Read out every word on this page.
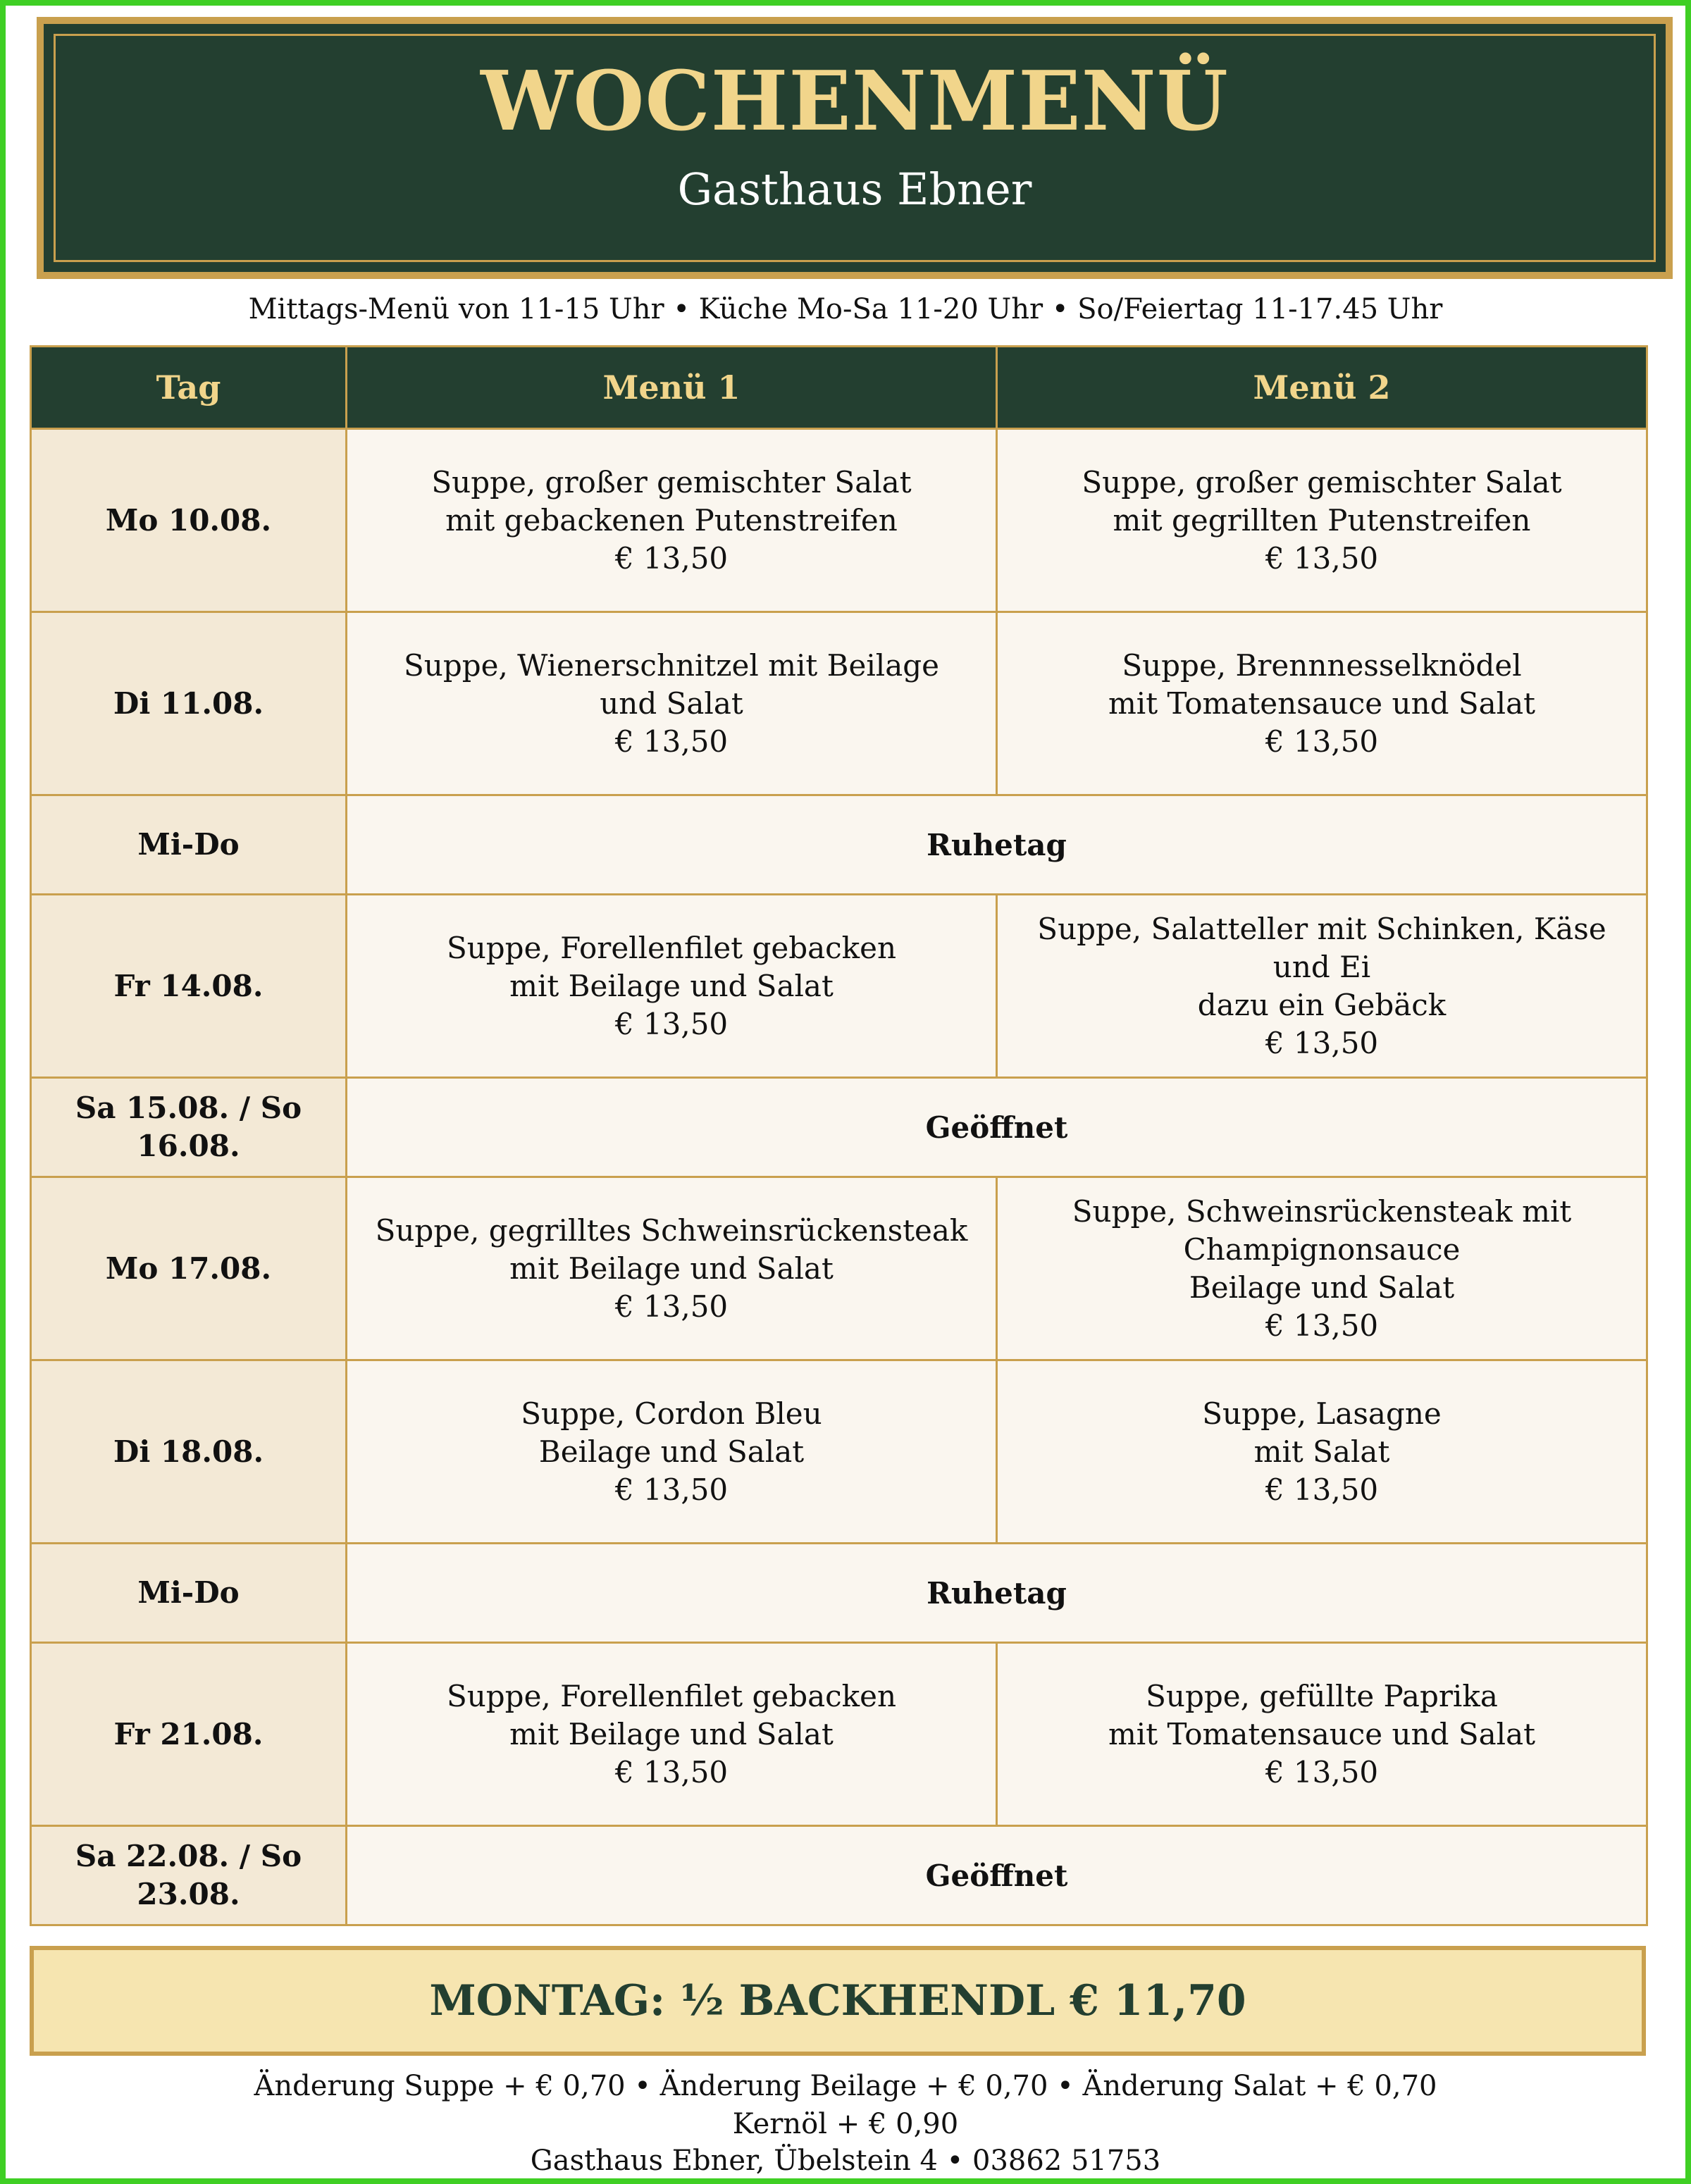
WOCHENMENÜ
Gasthaus Ebner
Mittags-Menü von 11-15 Uhr • Küche Mo-Sa 11-20 Uhr • So/Feiertag 11-17.45 Uhr
Tag	Menü 1	Menü 2
Mo 10.08.	Suppe, großer gemischter Salat
mit gebackenen Putenstreifen
€ 13,50	Suppe, großer gemischter Salat
mit gegrillten Putenstreifen
€ 13,50

Di 11.08.	Suppe, Wienerschnitzel mit Beilage
und Salat
€ 13,50	Suppe, Brennnesselknödel
mit Tomatensauce und Salat
€ 13,50

Mi-Do	Ruhetag	
Fr 14.08.	Suppe, Forellenfilet gebacken
mit Beilage und Salat
€ 13,50	Suppe, Salatteller mit Schinken, Käse
und Ei
dazu ein Gebäck
€ 13,50

Sa 15.08. / So 16.08.	Geöffnet	
Mo 17.08.	Suppe, gegrilltes Schweinsrückensteak
mit Beilage und Salat
€ 13,50	Suppe, Schweinsrückensteak mit
Champignonsauce
Beilage und Salat
€ 13,50

Di 18.08.	Suppe, Cordon Bleu
Beilage und Salat
€ 13,50	Suppe, Lasagne
mit Salat
€ 13,50

Mi-Do	Ruhetag	
Fr 21.08.	Suppe, Forellenfilet gebacken
mit Beilage und Salat
€ 13,50	Suppe, gefüllte Paprika
mit Tomatensauce und Salat
€ 13,50

Sa 22.08. / So 23.08.	Geöffnet	
MONTAG: ½ BACKHENDL € 11,70
Änderung Suppe + € 0,70 • Änderung Beilage + € 0,70 • Änderung Salat + € 0,70
Kernöl + € 0,90
Gasthaus Ebner, Übelstein 4 • 03862 51753
